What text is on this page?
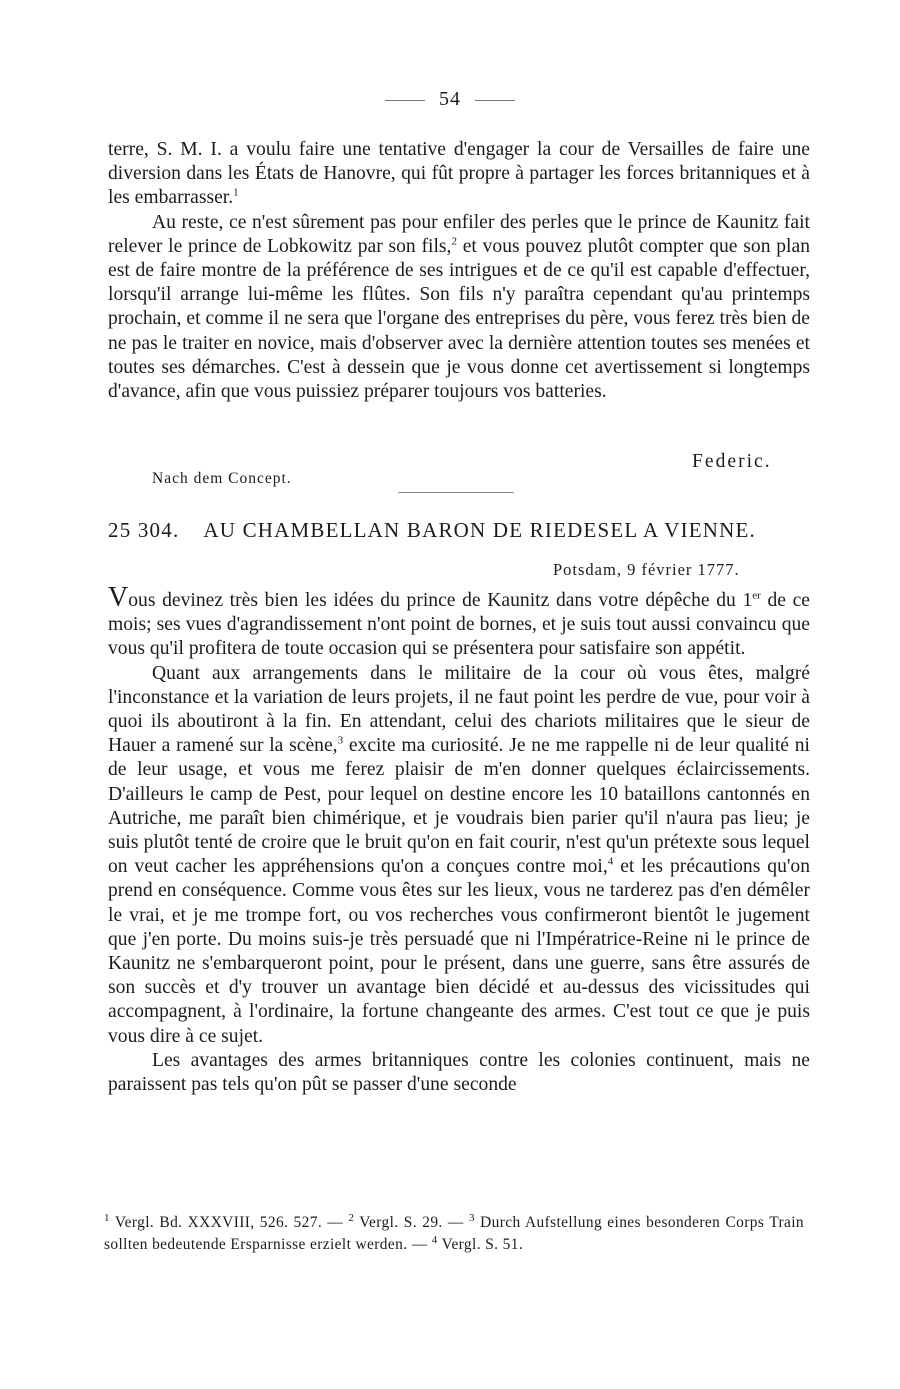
54

terre, S. M. I. a voulu faire une tentative d'engager la cour de Versailles de faire une diversion dans les États de Hanovre, qui fût propre à partager les forces britanniques et à les embarrasser.$^1$

Au reste, ce n'est sûrement pas pour enfiler des perles que le prince de Kaunitz fait relever le prince de Lobkowitz par son fils,$^2$ et vous pouvez plutôt compter que son plan est de faire montre de la préférence de ses intrigues et de ce qu'il est capable d'effectuer, lorsqu'il arrange lui-même les flûtes. Son fils n'y paraîtra cependant qu'au printemps prochain, et comme il ne sera que l'organe des entreprises du père, vous ferez très bien de ne pas le traiter en novice, mais d'observer avec la dernière attention toutes ses menées et toutes ses démarches. C'est à dessein que je vous donne cet avertissement si longtemps d'avance, afin que vous puissiez préparer toujours vos batteries.

Federic.
Nach dem Concept.
25 304. AU CHAMBELLAN BARON DE RIEDESEL A VIENNE.
Potsdam, 9 février 1777.

Vous devinez très bien les idées du prince de Kaunitz dans votre dépêche du 1er de ce mois; ses vues d'agrandissement n'ont point de bornes, et je suis tout aussi convaincu que vous qu'il profitera de toute occasion qui se présentera pour satisfaire son appétit.

Quant aux arrangements dans le militaire de la cour où vous êtes, malgré l'inconstance et la variation de leurs projets, il ne faut point les perdre de vue, pour voir à quoi ils aboutiront à la fin. En attendant, celui des chariots militaires que le sieur de Hauer a ramené sur la scène,$^3$ excite ma curiosité. Je ne me rappelle ni de leur qualité ni de leur usage, et vous me ferez plaisir de m'en donner quelques éclaircissements. D'ailleurs le camp de Pest, pour lequel on destine encore les 10 bataillons cantonnés en Autriche, me paraît bien chimérique, et je voudrais bien parier qu'il n'aura pas lieu; je suis plutôt tenté de croire que le bruit qu'on en fait courir, n'est qu'un prétexte sous lequel on veut cacher les appréhensions qu'on a conçues contre moi,$^4$ et les précautions qu'on prend en conséquence. Comme vous êtes sur les lieux, vous ne tarderez pas d'en démêler le vrai, et je me trompe fort, ou vos recherches vous confirmeront bientôt le jugement que j'en porte. Du moins suis-je très persuadé que ni l'Impératrice-Reine ni le prince de Kaunitz ne s'embarqueront point, pour le présent, dans une guerre, sans être assurés de son succès et d'y trouver un avantage bien décidé et au-dessus des vicissitudes qui accompagnent, à l'ordinaire, la fortune changeante des armes. C'est tout ce que je puis vous dire à ce sujet.

Les avantages des armes britanniques contre les colonies continuent, mais ne paraissent pas tels qu'on pût se passer d'une seconde

$^1$ Vergl. Bd. XXXVIII, 526. 527. — $^2$ Vergl. S. 29. — $^3$ Durch Aufstellung eines besonderen Corps Train sollten bedeutende Ersparnisse erzielt werden. — $^4$ Vergl. S. 51.
